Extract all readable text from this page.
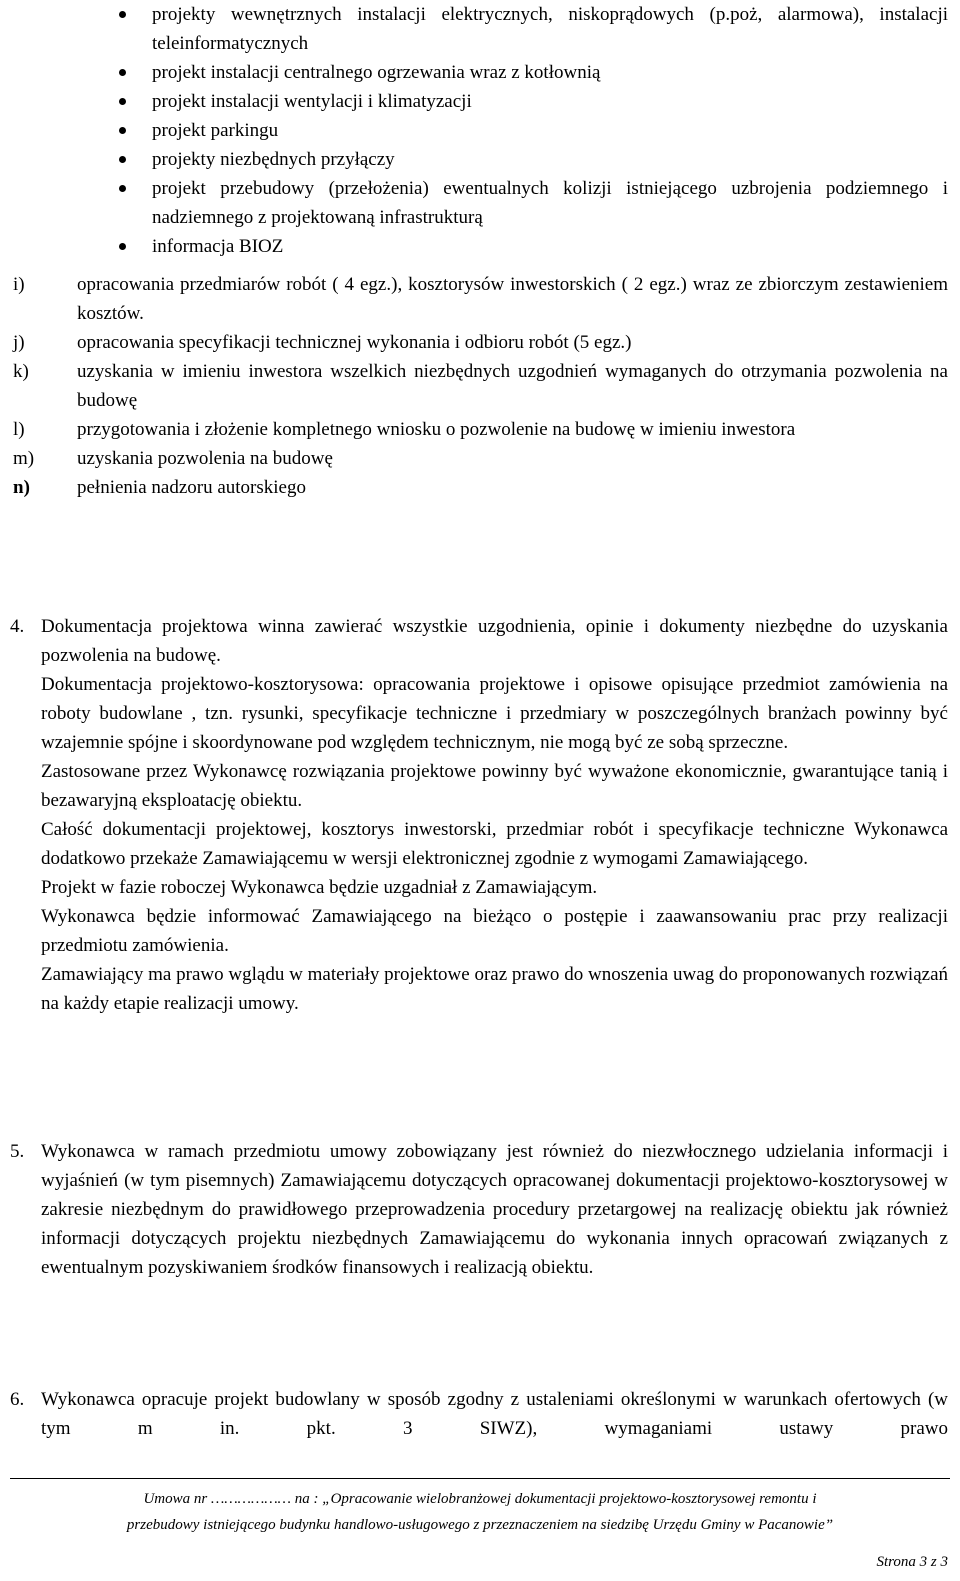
projekty wewnętrznych instalacji elektrycznych, niskoprądowych (p.poż, alarmowa), instalacji teleinformatycznych
projekt instalacji centralnego ogrzewania wraz z kotłownią
projekt instalacji wentylacji i klimatyzacji
projekt parkingu
projekty niezbędnych przyłączy
projekt przebudowy (przełożenia) ewentualnych kolizji istniejącego uzbrojenia podziemnego i nadziemnego z projektowaną infrastrukturą
informacja BIOZ
i)	opracowania przedmiarów robót ( 4 egz.), kosztorysów inwestorskich ( 2 egz.) wraz ze zbiorczym zestawieniem kosztów.
j)	opracowania specyfikacji technicznej wykonania i odbioru robót (5 egz.)
k)	uzyskania w imieniu inwestora wszelkich niezbędnych uzgodnień wymaganych do otrzymania pozwolenia na budowę
l)	przygotowania i złożenie kompletnego wniosku o pozwolenie na budowę w imieniu inwestora
m) uzyskania pozwolenia na budowę
n) pełnienia nadzoru autorskiego
4. Dokumentacja projektowa winna zawierać wszystkie uzgodnienia, opinie i dokumenty niezbędne do uzyskania pozwolenia na budowę.
Dokumentacja projektowo-kosztorysowa: opracowania projektowe i opisowe opisujące przedmiot zamówienia na roboty budowlane , tzn. rysunki, specyfikacje techniczne i przedmiary w poszczególnych branżach powinny być wzajemnie spójne i skoordynowane pod względem technicznym, nie mogą być ze sobą sprzeczne.
Zastosowane przez Wykonawcę rozwiązania projektowe powinny być wyważone ekonomicznie, gwarantujące tanią i bezawaryjną eksploatację obiektu.
Całość dokumentacji projektowej, kosztorys inwestorski, przedmiar robót i specyfikacje techniczne Wykonawca dodatkowo przekaże Zamawiającemu w wersji elektronicznej zgodnie z wymogami Zamawiającego.
Projekt w fazie roboczej Wykonawca będzie uzgadniał z Zamawiającym.
Wykonawca będzie informować Zamawiającego na bieżąco o postępie i zaawansowaniu prac przy realizacji przedmiotu zamówienia.
Zamawiający ma prawo wglądu w materiały projektowe oraz prawo do wnoszenia uwag do proponowanych rozwiązań na każdy etapie realizacji umowy.
5. Wykonawca w ramach przedmiotu umowy zobowiązany jest również do niezwłocznego udzielania informacji i wyjaśnień (w tym pisemnych) Zamawiającemu dotyczących opracowanej dokumentacji projektowo-kosztorysowej w zakresie niezbędnym do prawidłowego przeprowadzenia procedury przetargowej na realizację obiektu jak również informacji dotyczących projektu niezbędnych Zamawiającemu do wykonania innych opracowań związanych z ewentualnym pozyskiwaniem środków finansowych i realizacją obiektu.
6. Wykonawca opracuje projekt budowlany w sposób zgodny z ustaleniami określonymi w warunkach ofertowych (w tym m in. pkt. 3 SIWZ), wymaganiami ustawy prawo
Umowa nr ……………… na : „Opracowanie wielobranżowej dokumentacji projektowo-kosztorysowej remontu i
przebudowy istniejącego budynku handlowo-usługowego z przeznaczeniem na siedzibę Urzędu Gminy w Pacanowie”
Strona 3 z 3
